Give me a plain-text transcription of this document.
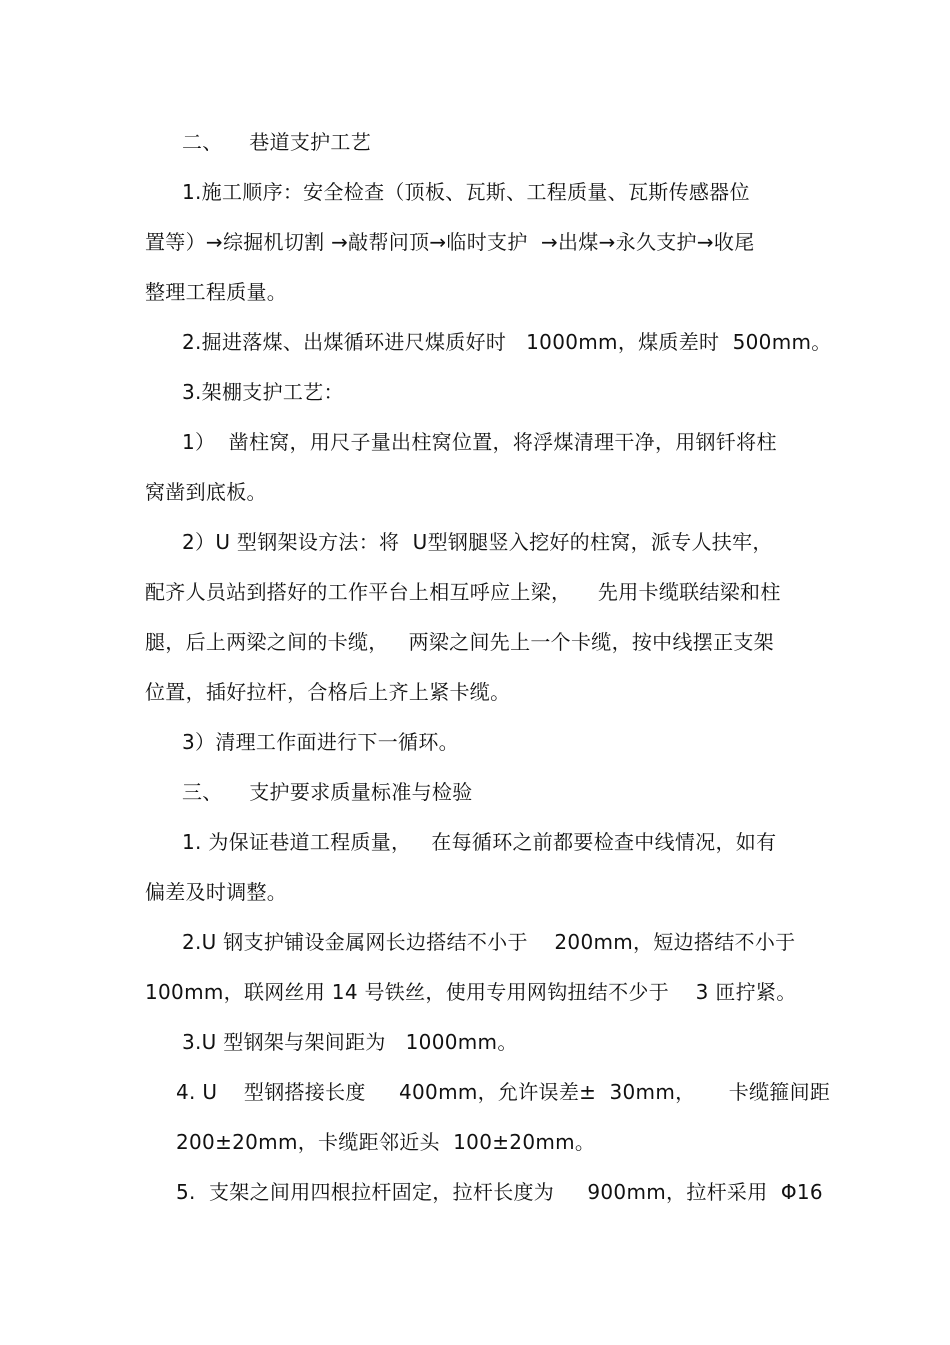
二、    巷道支护工艺
1.施工顺序：安全检查（顶板、瓦斯、工程质量、瓦斯传感器位
置等）→综掘机切割 →敲帮问顶→临时支护  →出煤→永久支护→收尾
整理工程质量。
2.掘进落煤、出煤循环进尺煤质好时   1000mm，煤质差时  500mm。
3.架棚支护工艺：
1）  凿柱窝，用尺子量出柱窝位置，将浮煤清理干净，用钢钎将柱
窝凿到底板。
2）U 型钢架设方法：将  U型钢腿竖入挖好的柱窝，派专人扶牢，
配齐人员站到搭好的工作平台上相互呼应上梁，    先用卡缆联结梁和柱
腿，后上两梁之间的卡缆，   两梁之间先上一个卡缆，按中线摆正支架
位置，插好拉杆，合格后上齐上紧卡缆。
3）清理工作面进行下一循环。
三、    支护要求质量标准与检验
1. 为保证巷道工程质量，   在每循环之前都要检查中线情况，如有
偏差及时调整。
2.U 钢支护铺设金属网长边搭结不小于    200mm，短边搭结不小于
100mm，联网丝用 14 号铁丝，使用专用网钩扭结不少于    3 匝拧紧。
3.U 型钢架与架间距为   1000mm。
4. U    型钢搭接长度     400mm，允许误差±  30mm，     卡缆箍间距
200±20mm，卡缆距邻近头  100±20mm。
5.  支架之间用四根拉杆固定，拉杆长度为     900mm，拉杆采用  Φ16
